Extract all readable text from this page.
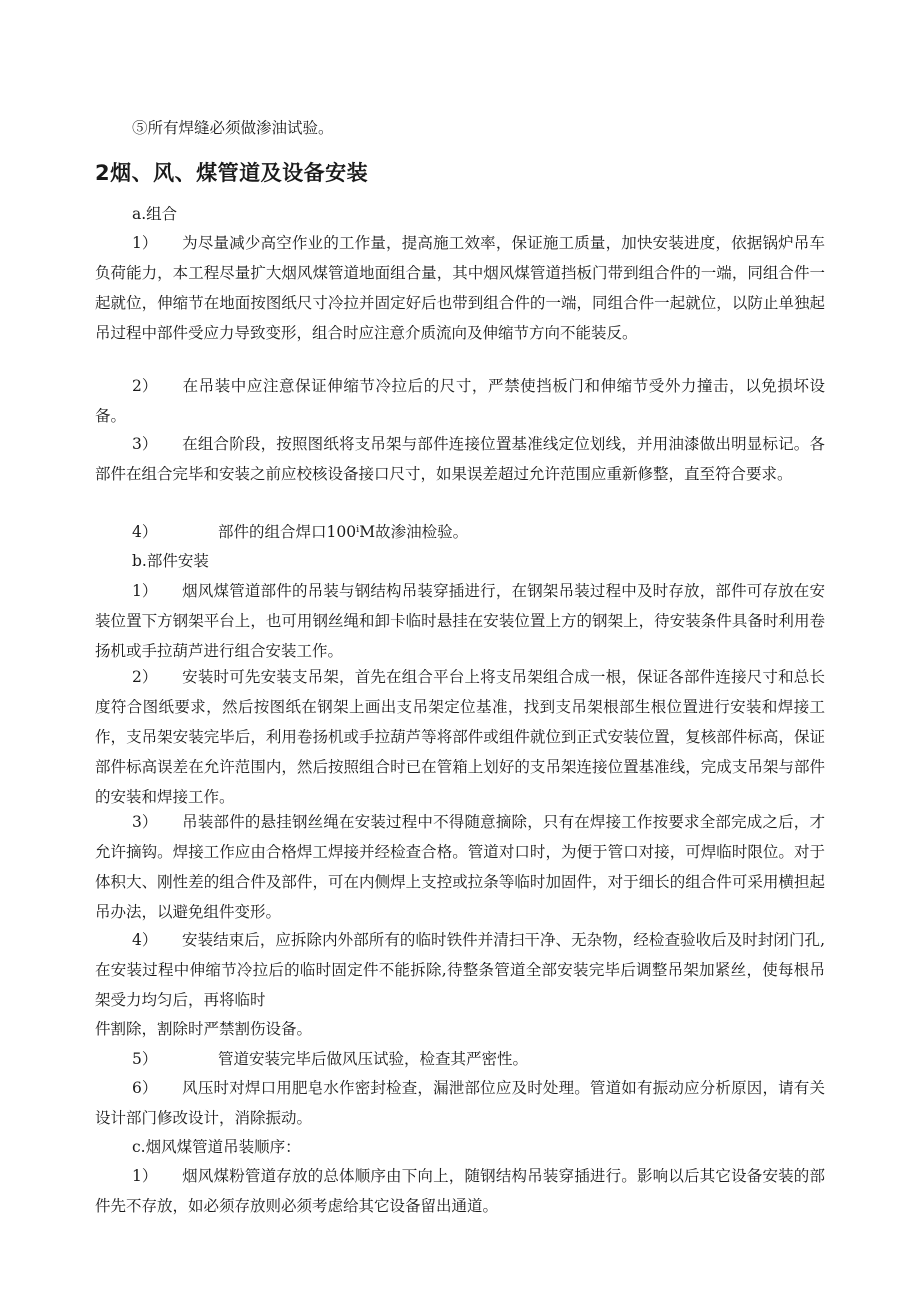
⑤所有焊缝必须做渗油试验。

2烟、风、煤管道及设备安装

a.组合

1） 为尽量减少高空作业的工作量，提高施工效率，保证施工质量，加快安装进度，依据锅炉吊车负荷能力，本工程尽量扩大烟风煤管道地面组合量，其中烟风煤管道挡板门带到组合件的一端，同组合件一起就位，伸缩节在地面按图纸尺寸冷拉并固定好后也带到组合件的一端，同组合件一起就位，以防止单独起吊过程中部件受应力导致变形，组合时应注意介质流向及伸缩节方向不能装反。

2） 在吊装中应注意保证伸缩节冷拉后的尺寸，严禁使挡板门和伸缩节受外力撞击，以免损坏设备。

3） 在组合阶段，按照图纸将支吊架与部件连接位置基准线定位划线，并用油漆做出明显标记。各部件在组合完毕和安装之前应校核设备接口尺寸，如果误差超过允许范围应重新修整，直至符合要求。

4）	部件的组合焊口100ⁱM故渗油检验。

b.部件安装

1） 烟风煤管道部件的吊装与钢结构吊装穿插进行，在钢架吊装过程中及时存放，部件可存放在安装位置下方钢架平台上，也可用钢丝绳和卸卡临时悬挂在安装位置上方的钢架上，待安装条件具备时利用卷扬机或手拉葫芦进行组合安装工作。

2） 安装时可先安装支吊架，首先在组合平台上将支吊架组合成一根，保证各部件连接尺寸和总长度符合图纸要求，然后按图纸在钢架上画出支吊架定位基准，找到支吊架根部生根位置进行安装和焊接工作，支吊架安装完毕后，利用卷扬机或手拉葫芦等将部件或组件就位到正式安装位置，复核部件标高，保证部件标高误差在允许范围内，然后按照组合时已在管箱上划好的支吊架连接位置基准线，完成支吊架与部件的安装和焊接工作。

3） 吊装部件的悬挂钢丝绳在安装过程中不得随意摘除，只有在焊接工作按要求全部完成之后，才允许摘钩。焊接工作应由合格焊工焊接并经检查合格。管道对口时，为便于管口对接，可焊临时限位。对于体积大、刚性差的组合件及部件，可在内侧焊上支控或拉条等临时加固件，对于细长的组合件可采用横担起吊办法，以避免组件变形。

4） 安装结束后，应拆除内外部所有的临时铁件并清扫干净、无杂物，经检查验收后及时封闭门孔,在安装过程中伸缩节冷拉后的临时固定件不能拆除,待整条管道全部安装完毕后调整吊架加紧丝，使每根吊架受力均匀后，再将临时

件割除，割除时严禁割伤设备。

5）	管道安装完毕后做风压试验，检查其严密性。

6） 风压时对焊口用肥皂水作密封检查，漏泄部位应及时处理。管道如有振动应分析原因，请有关设计部门修改设计，消除振动。

c.烟风煤管道吊装顺序：

1） 烟风煤粉管道存放的总体顺序由下向上，随钢结构吊装穿插进行。影响以后其它设备安装的部件先不存放，如必须存放则必须考虑给其它设备留出通道。
